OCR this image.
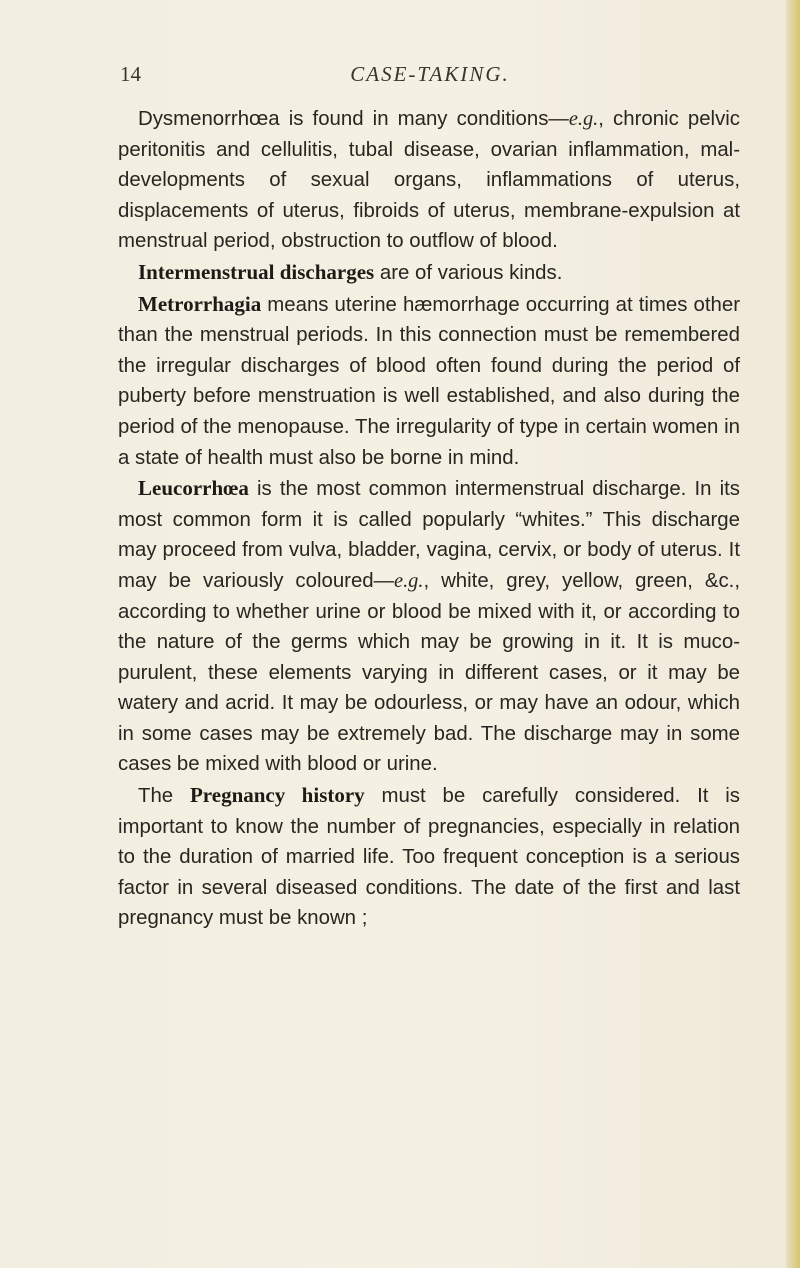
14	CASE-TAKING.

Dysmenorrhœa is found in many conditions—e.g., chronic pelvic peritonitis and cellulitis, tubal disease, ovarian inflammation, mal-developments of sexual organs, inflammations of uterus, displacements of uterus, fibroids of uterus, membrane-expulsion at menstrual period, obstruction to outflow of blood.

Intermenstrual discharges are of various kinds.

Metrorrhagia means uterine hæmorrhage occurring at times other than the menstrual periods. In this connection must be remembered the irregular discharges of blood often found during the period of puberty before menstruation is well established, and also during the period of the menopause. The irregularity of type in certain women in a state of health must also be borne in mind.

Leucorrhœa is the most common intermenstrual discharge. In its most common form it is called popularly “whites.” This discharge may proceed from vulva, bladder, vagina, cervix, or body of uterus. It may be variously coloured—e.g., white, grey, yellow, green, &c., according to whether urine or blood be mixed with it, or according to the nature of the germs which may be growing in it. It is muco-purulent, these elements varying in different cases, or it may be watery and acrid. It may be odourless, or may have an odour, which in some cases may be extremely bad. The discharge may in some cases be mixed with blood or urine.

The Pregnancy history must be carefully considered. It is important to know the number of pregnancies, especially in relation to the duration of married life. Too frequent conception is a serious factor in several diseased conditions. The date of the first and last pregnancy must be known ;
